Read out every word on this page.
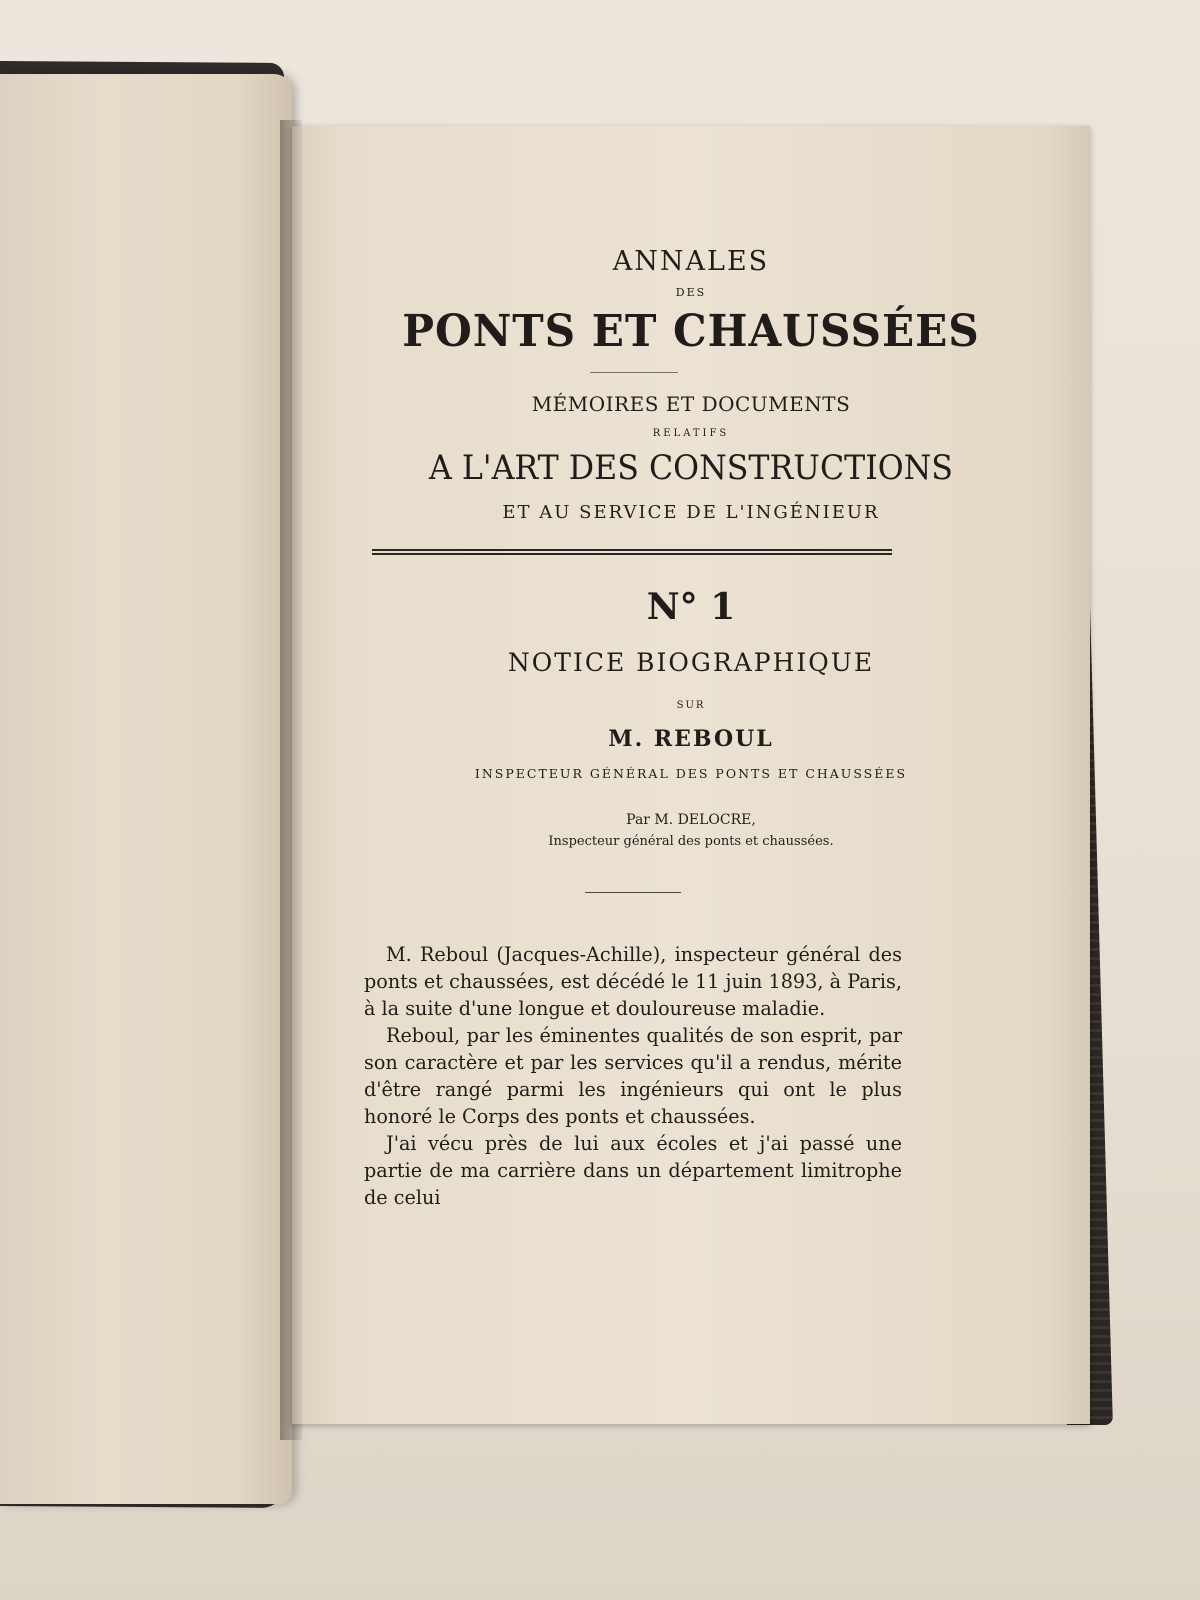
ANNALES
DES
PONTS ET CHAUSSÉES
MÉMOIRES ET DOCUMENTS
RELATIFS
A L'ART DES CONSTRUCTIONS
ET AU SERVICE DE L'INGÉNIEUR
N° 1
NOTICE BIOGRAPHIQUE
SUR
M. REBOUL
INSPECTEUR GÉNÉRAL DES PONTS ET CHAUSSÉES
Par M. DELOCRE,
Inspecteur général des ponts et chaussées.

M. Reboul (Jacques-Achille), inspecteur général des ponts et chaussées, est décédé le 11 juin 1893, à Paris, à la suite d'une longue et douloureuse maladie.

Reboul, par les éminentes qualités de son esprit, par son caractère et par les services qu'il a rendus, mérite d'être rangé parmi les ingénieurs qui ont le plus honoré le Corps des ponts et chaussées.

J'ai vécu près de lui aux écoles et j'ai passé une partie de ma carrière dans un département limitrophe de celui
